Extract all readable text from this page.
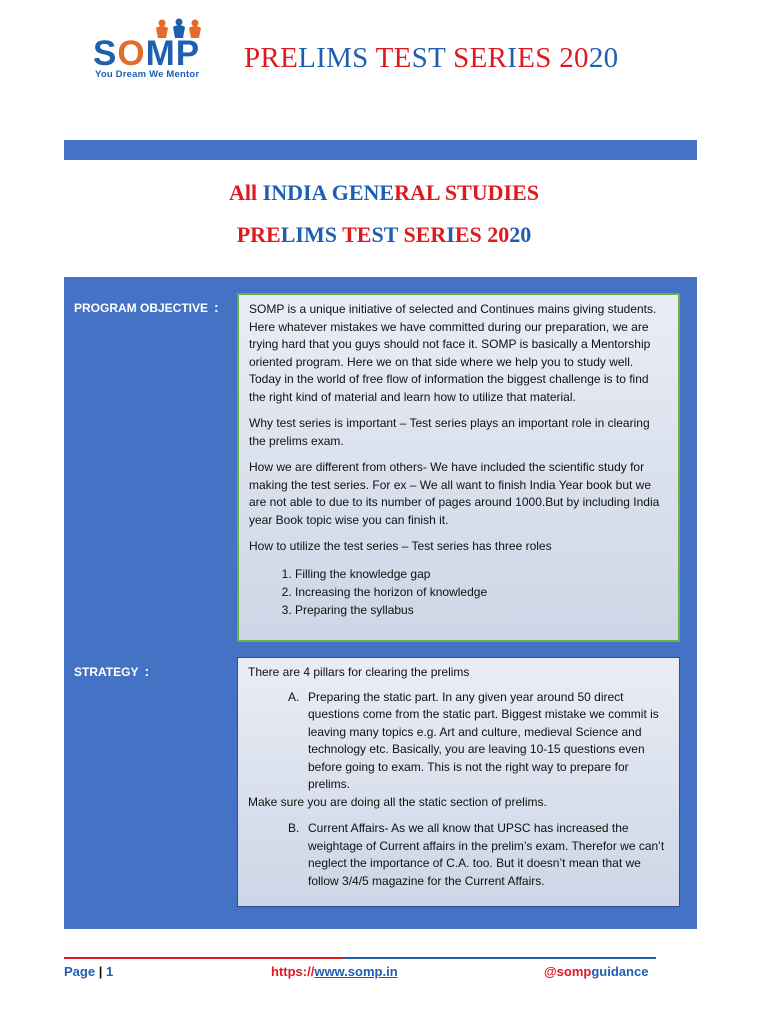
SOMP
You Dream We Mentor
PRELIMS TEST SERIES 2020
All INDIA GENERAL STUDIES
PRELIMS TEST SERIES 2020
PROGRAM OBJECTIVE :	SOMP is a unique initiative of selected and Continues mains giving students. Here whatever mistakes we have committed during our preparation, we are trying hard that you guys should not face it. SOMP is basically a Mentorship oriented program. Here we on that side where we help you to study well. Today in the world of free flow of information the biggest challenge is to find the right kind of material and learn how to utilize that material.

Why test series is important – Test series plays an important role in clearing the prelims exam.

How we are different from others- We have included the scientific study for making the test series. For ex – We all want to finish India Year book but we are not able to due to its number of pages around 1000.But by including India year Book topic wise you can finish it.

How to utilize the test series – Test series has three roles

1. Filling the knowledge gap
2. Increasing the horizon of knowledge
3. Preparing the syllabus
STRATEGY :	There are 4 pillars for clearing the prelims

A. Preparing the static part. In any given year around 50 direct questions come from the static part. Biggest mistake we commit is leaving many topics e.g. Art and culture, medieval Science and technology etc. Basically, you are leaving 10-15 questions even before going to exam. This is not the right way to prepare for prelims.

Make sure you are doing all the static section of prelims.

B. Current Affairs- As we all know that UPSC has increased the weightage of Current affairs in the prelim’s exam. Therefor we can’t neglect the importance of C.A. too. But it doesn’t mean that we follow 3/4/5 magazine for the Current Affairs.
Page | 1	https://www.somp.in	@sompguidance
